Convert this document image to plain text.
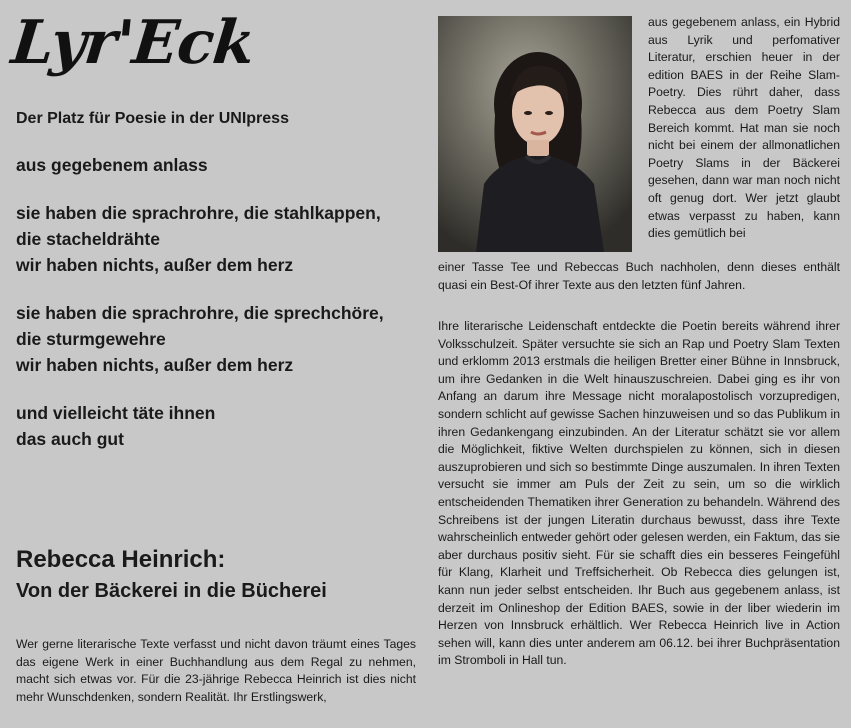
Lyr'Eck

Der Platz für Poesie in der UNIpress

aus gegebenem anlass

sie haben die sprachrohre, die stahlkappen,

die stacheldrähte

wir haben nichts, außer dem herz

sie haben die sprachrohre, die sprechchöre,

die sturmgewehre

wir haben nichts, außer dem herz

und vielleicht täte ihnen

das auch gut

Rebecca Heinrich:
Von der Bäckerei in die Bücherei

Wer gerne literarische Texte verfasst und nicht davon träumt eines Tages das eigene Werk in einer Buchhandlung aus dem Regal zu nehmen, macht sich etwas vor. Für die 23-jährige Rebecca Heinrich ist dies nicht mehr Wunschdenken, sondern Realität. Ihr Erstlingswerk,

aus gegebenem anlass, ein Hybrid aus Lyrik und perfomativer Literatur, erschien heuer in der edition BAES in der Reihe Slam-Poetry. Dies rührt daher, dass Rebecca aus dem Poetry Slam Bereich kommt. Hat man sie noch nicht bei einem der allmonatlichen Poetry Slams in der Bäckerei gesehen, dann war man noch nicht oft genug dort. Wer jetzt glaubt etwas verpasst zu haben, kann dies gemütlich bei

einer Tasse Tee und Rebeccas Buch nachholen, denn dieses enthält quasi ein Best-Of ihrer Texte aus den letzten fünf Jahren.

Ihre literarische Leidenschaft entdeckte die Poetin bereits während ihrer Volksschulzeit. Später versuchte sie sich an Rap und Poetry Slam Texten und erklomm 2013 erstmals die heiligen Bretter einer Bühne in Innsbruck, um ihre Gedanken in die Welt hinauszuschreien. Dabei ging es ihr von Anfang an darum ihre Message nicht moralapostolisch vorzupredigen, sondern schlicht auf gewisse Sachen hinzuweisen und so das Publikum in ihren Gedankengang einzubinden. An der Literatur schätzt sie vor allem die Möglichkeit, fiktive Welten durchspielen zu können, sich in diesen auszuprobieren und sich so bestimmte Dinge auszumalen. In ihren Texten versucht sie immer am Puls der Zeit zu sein, um so die wirklich entscheidenden Thematiken ihrer Generation zu behandeln. Während des Schreibens ist der jungen Literatin durchaus bewusst, dass ihre Texte wahrscheinlich entweder gehört oder gelesen werden, ein Faktum, das sie aber durchaus positiv sieht. Für sie schafft dies ein besseres Feingefühl für Klang, Klarheit und Treffsicherheit. Ob Rebecca dies gelungen ist, kann nun jeder selbst entscheiden. Ihr Buch aus gegebenem anlass, ist derzeit im Onlineshop der Edition BAES, sowie in der liber wiederin im Herzen von Innsbruck erhältlich. Wer Rebecca Heinrich live in Action sehen will, kann dies unter anderem am 06.12. bei ihrer Buchpräsentation im Stromboli in Hall tun.
